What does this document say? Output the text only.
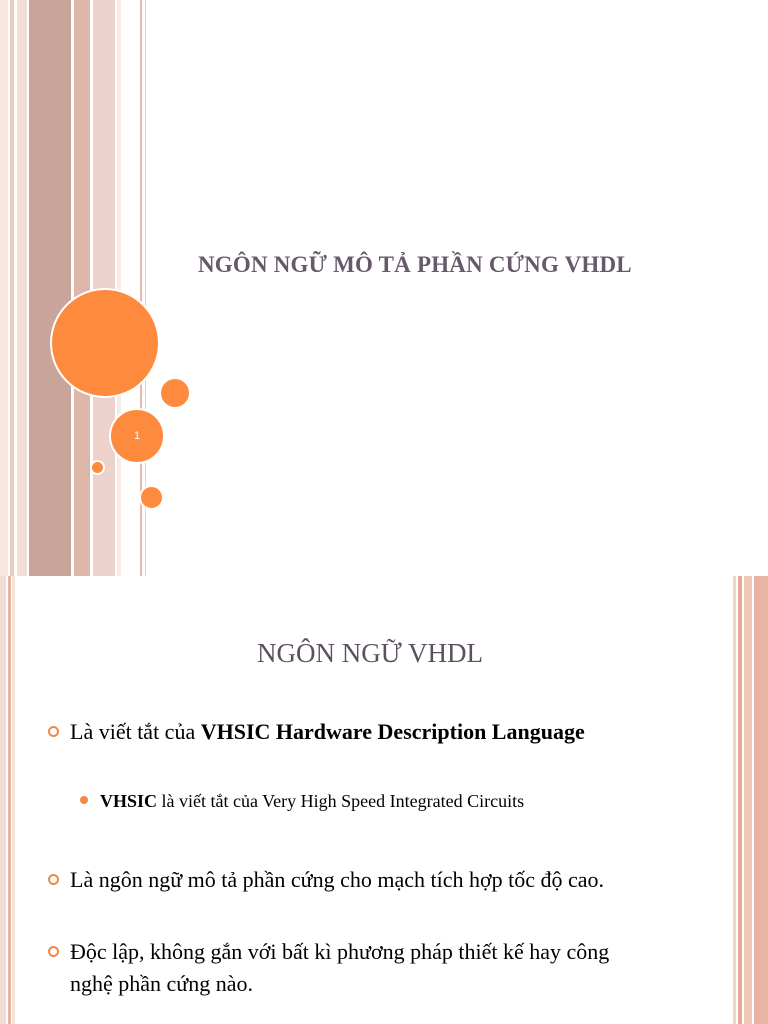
1
NGÔN NGỮ MÔ TẢ PHẦN CỨNG VHDL
NGÔN NGỮ VHDL
Là viết tắt của VHSIC Hardware Description Language
VHSIC là viết tắt của Very High Speed Integrated Circuits
Là ngôn ngữ mô tả phần cứng cho mạch tích hợp tốc độ cao.
Độc lập, không gắn với bất kì phương pháp thiết kế hay công
nghệ phần cứng nào.
